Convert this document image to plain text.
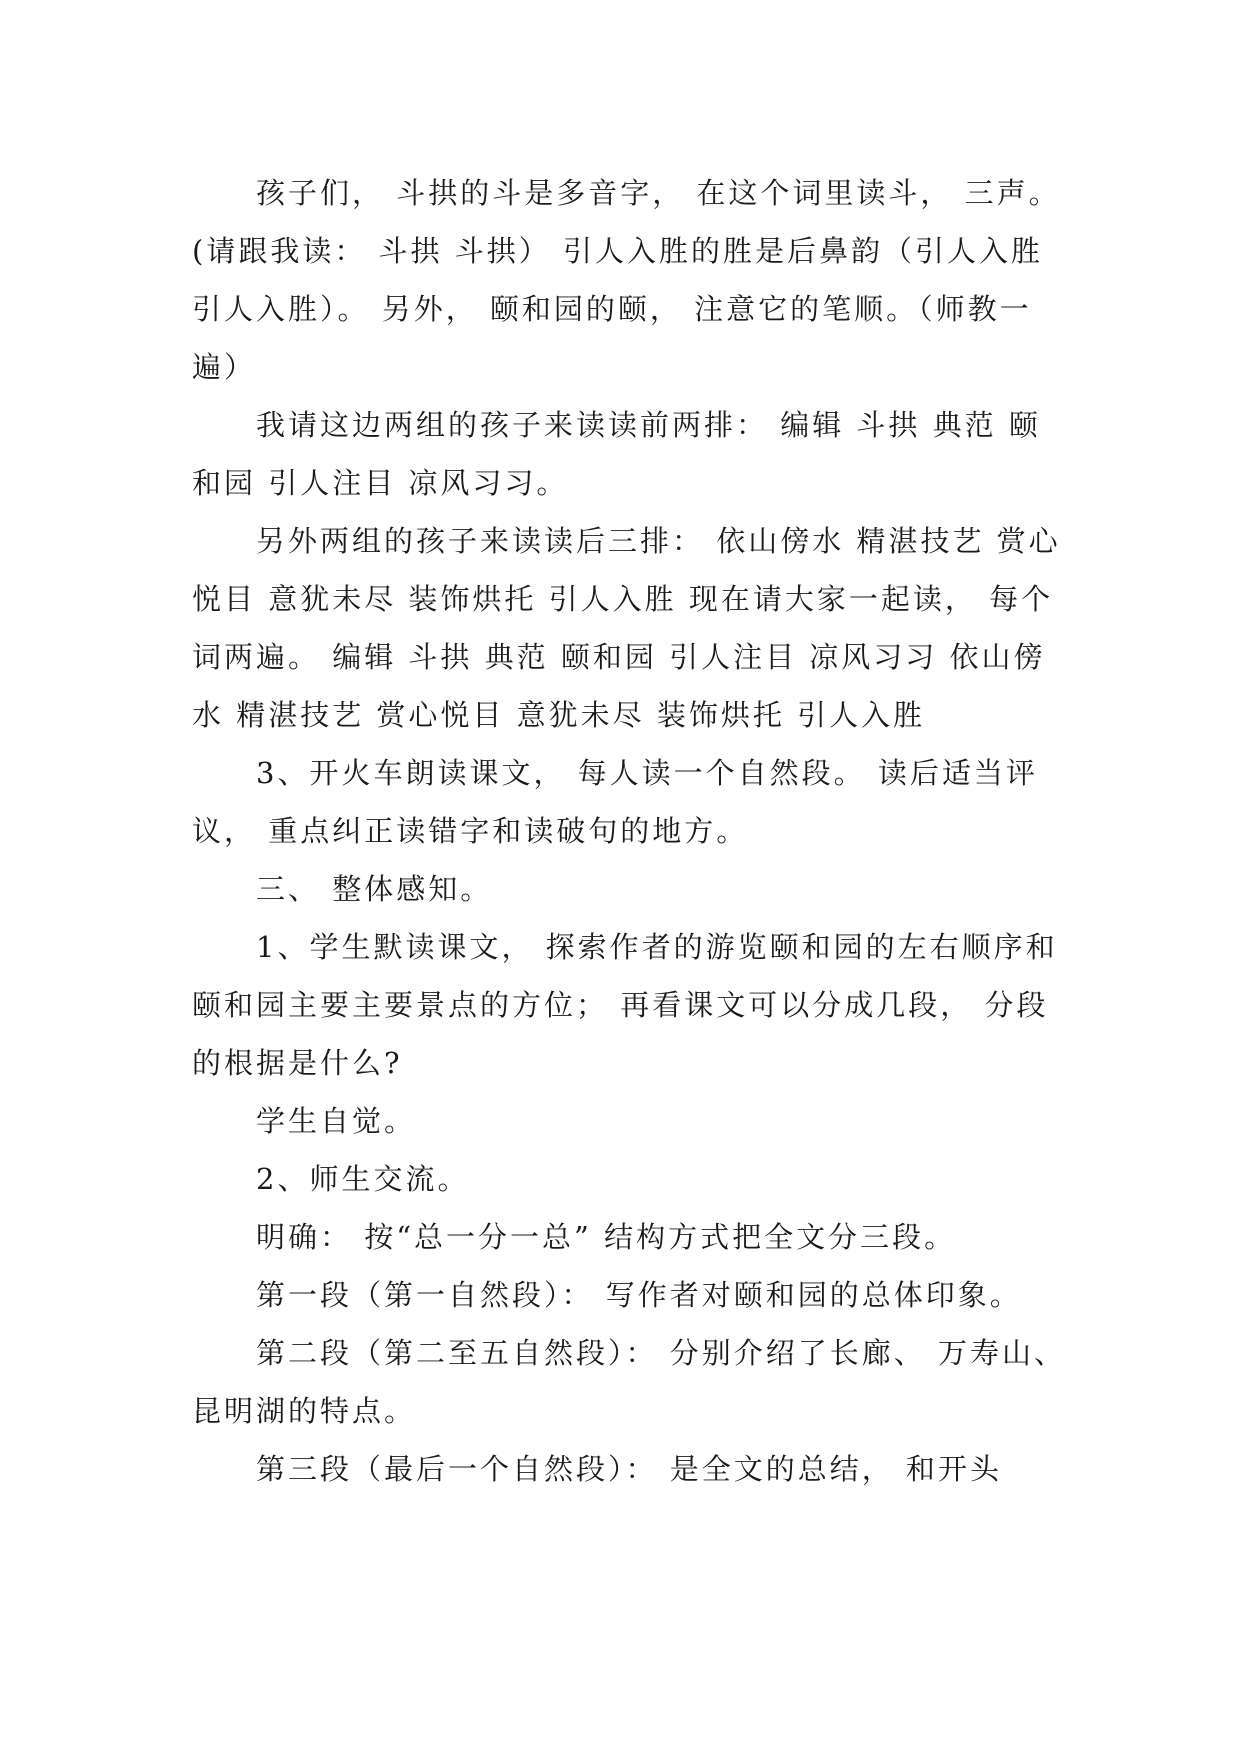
孩子们， 斗拱的斗是多音字， 在这个词里读斗， 三声。(请跟我读： 斗拱 斗拱） 引人入胜的胜是后鼻韵（引人入胜 引人入胜）。 另外， 颐和园的颐， 注意它的笔顺。（师教一遍）

我请这边两组的孩子来读读前两排： 编辑 斗拱 典范 颐和园 引人注目 凉风习习。

另外两组的孩子来读读后三排： 依山傍水 精湛技艺 赏心悦目 意犹未尽 装饰烘托 引人入胜 现在请大家一起读， 每个词两遍。 编辑 斗拱 典范 颐和园 引人注目 凉风习习 依山傍水 精湛技艺 赏心悦目 意犹未尽 装饰烘托 引人入胜

3、开火车朗读课文， 每人读一个自然段。 读后适当评议， 重点纠正读错字和读破句的地方。

三、 整体感知。

1、学生默读课文， 探索作者的游览颐和园的左右顺序和颐和园主要主要景点的方位； 再看课文可以分成几段， 分段的根据是什么?

学生自觉。

2、师生交流。

明确： 按“总一分一总” 结构方式把全文分三段。

第一段（第一自然段）： 写作者对颐和园的总体印象。

第二段（第二至五自然段）： 分别介绍了长廊、 万寿山、昆明湖的特点。

第三段（最后一个自然段）： 是全文的总结， 和开头
